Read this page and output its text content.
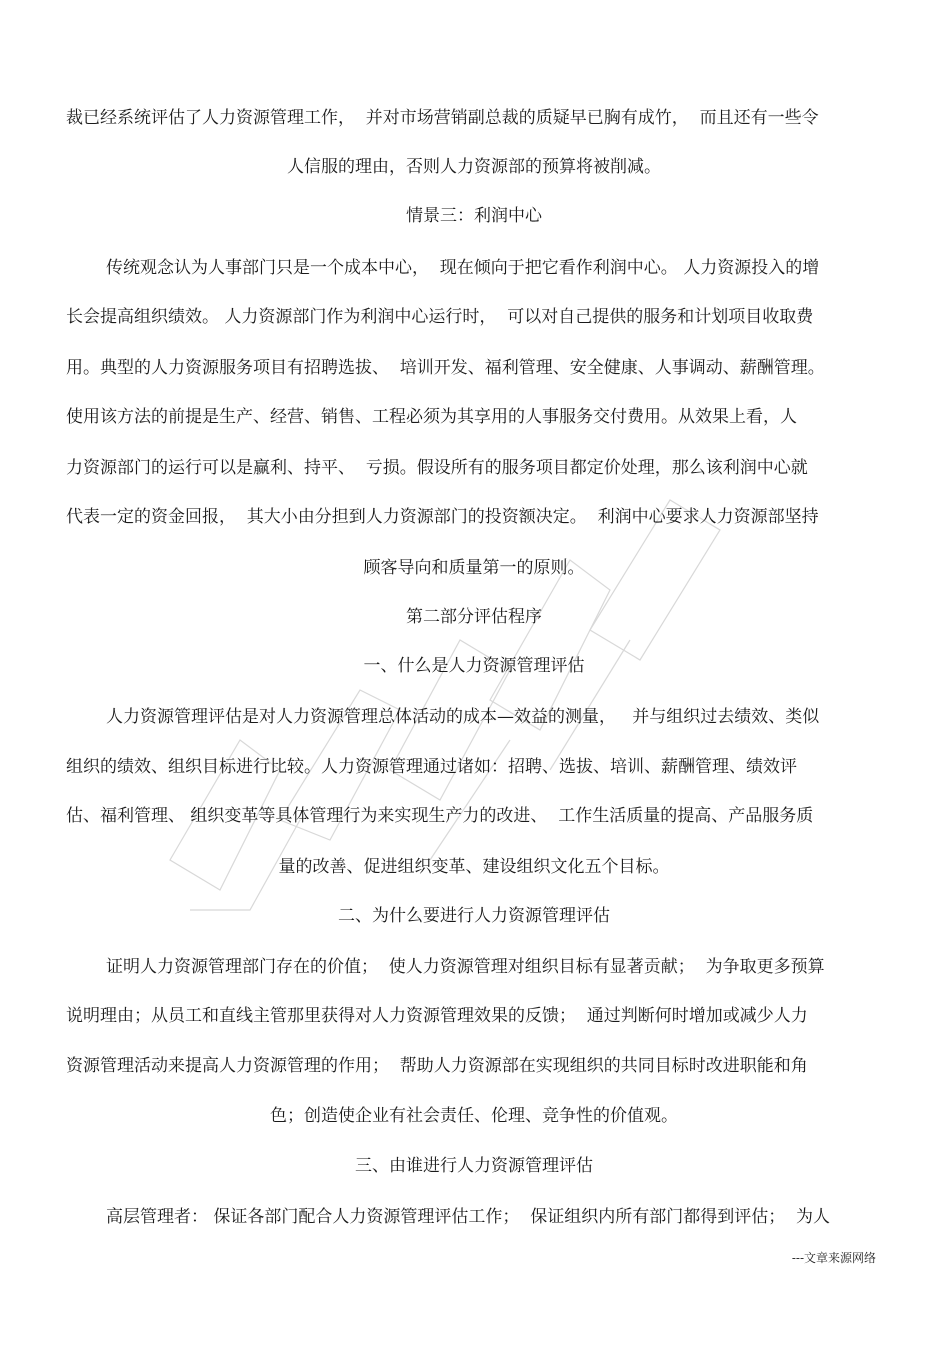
裁已经系统评估了人力资源管理工作，  并对市场营销副总裁的质疑早已胸有成竹，  而且还有一些令
人信服的理由，否则人力资源部的预算将被削减。
情景三：利润中心
传统观念认为人事部门只是一个成本中心，  现在倾向于把它看作利润中心。 人力资源投入的增
长会提高组织绩效。 人力资源部门作为利润中心运行时，  可以对自己提供的服务和计划项目收取费
用。典型的人力资源服务项目有招聘选拔、  培训开发、福利管理、安全健康、人事调动、薪酬管理。
使用该方法的前提是生产、经营、销售、工程必须为其享用的人事服务交付费用。从效果上看，人
力资源部门的运行可以是赢利、持平、  亏损。假设所有的服务项目都定价处理，那么该利润中心就
代表一定的资金回报，  其大小由分担到人力资源部门的投资额决定。  利润中心要求人力资源部坚持
顾客导向和质量第一的原则。
第二部分评估程序
一、什么是人力资源管理评估
人力资源管理评估是对人力资源管理总体活动的成本—效益的测量，   并与组织过去绩效、类似
组织的绩效、组织目标进行比较。人力资源管理通过诸如：招聘、选拔、培训、薪酬管理、绩效评
估、福利管理、 组织变革等具体管理行为来实现生产力的改进、  工作生活质量的提高、产品服务质
量的改善、促进组织变革、建设组织文化五个目标。
二、为什么要进行人力资源管理评估
证明人力资源管理部门存在的价值；  使人力资源管理对组织目标有显著贡献；  为争取更多预算
说明理由；从员工和直线主管那里获得对人力资源管理效果的反馈；  通过判断何时增加或减少人力
资源管理活动来提高人力资源管理的作用；  帮助人力资源部在实现组织的共同目标时改进职能和角
色；创造使企业有社会责任、伦理、竞争性的价值观。
三、由谁进行人力资源管理评估
高层管理者： 保证各部门配合人力资源管理评估工作；  保证组织内所有部门都得到评估；  为人
---文章来源网络
